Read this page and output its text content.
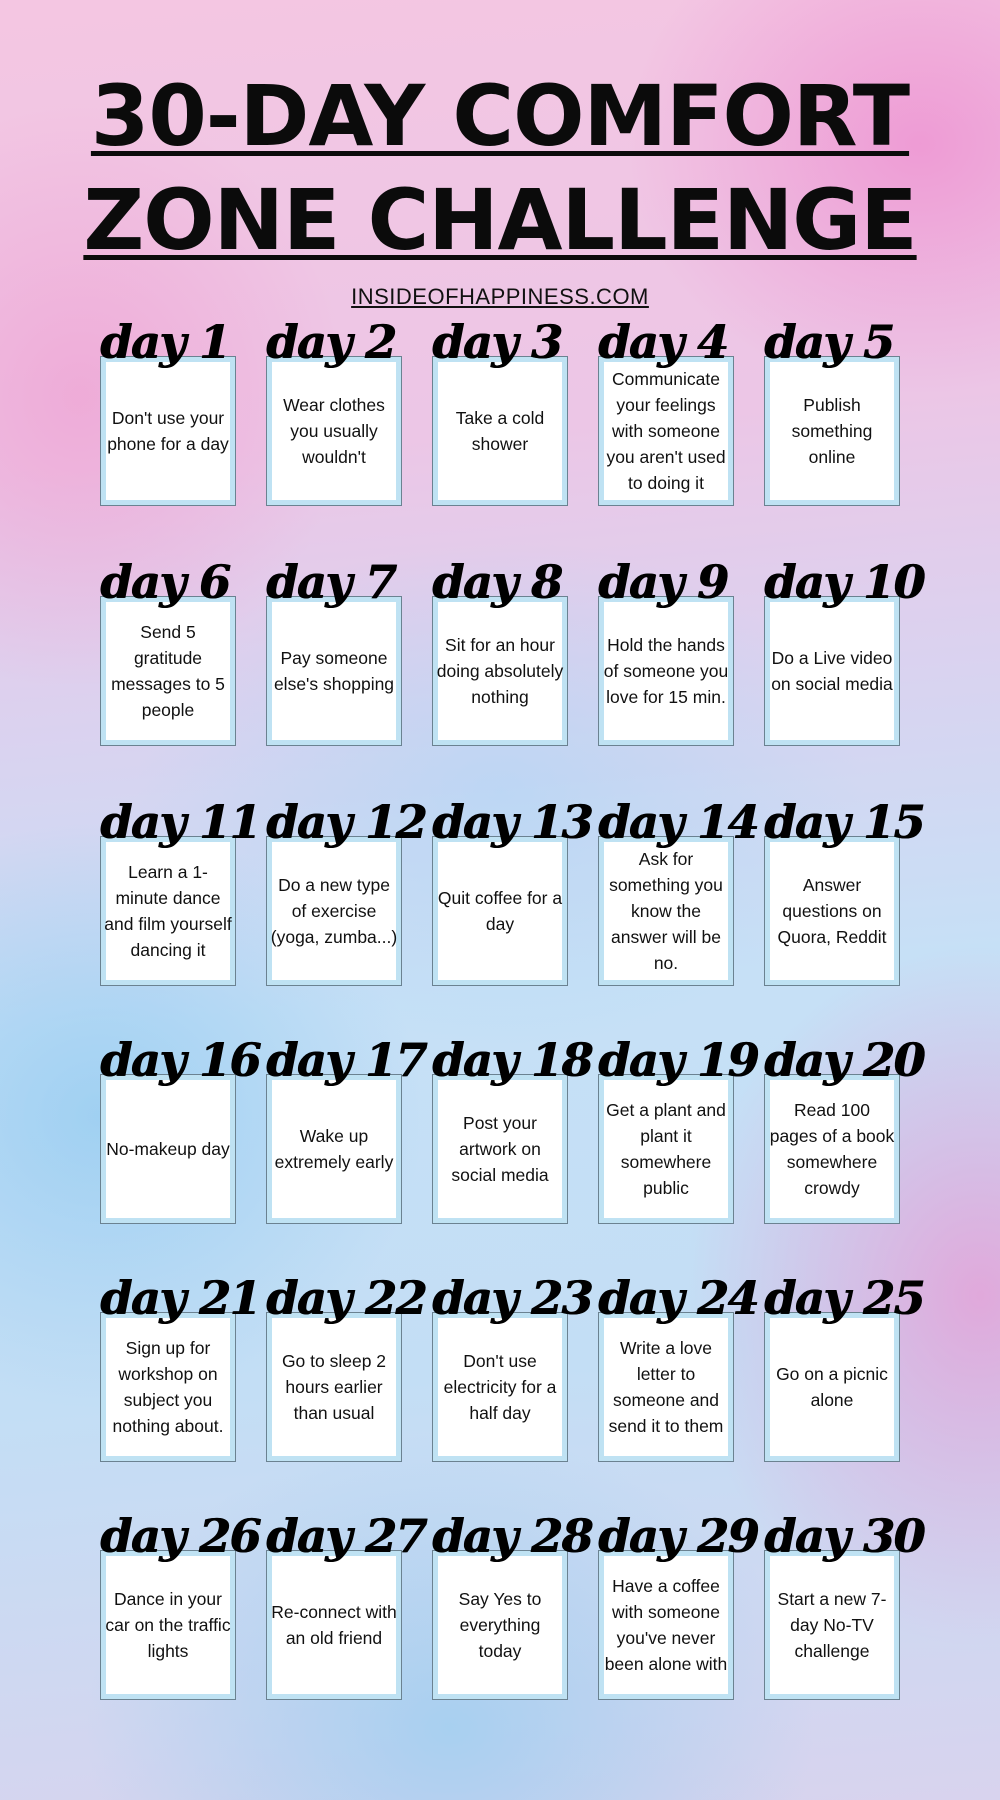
30-DAY COMFORT
ZONE CHALLENGE
INSIDEOFHAPPINESS.COM
Don't use your phone for a day
day 1
Wear clothes you usually wouldn't
day 2
Take a cold shower
day 3
Communicate your feelings with someone you aren't used to doing it
day 4
Publish something online
day 5
Send 5 gratitude messages to 5 people
day 6
Pay someone else's shopping
day 7
Sit for an hour doing absolutely nothing
day 8
Hold the hands of someone you love for 15 min.
day 9
Do a Live video on social media
day 10
Learn a 1-minute dance and film yourself dancing it
day 11
Do a new type of exercise (yoga, zumba...)
day 12
Quit coffee for a day
day 13
Ask for something you know the answer will be no.
day 14
Answer questions on Quora, Reddit
day 15
No-makeup day
day 16
Wake up extremely early
day 17
Post your artwork on social media
day 18
Get a plant and plant it somewhere public
day 19
Read 100 pages of a book somewhere crowdy
day 20
Sign up for workshop on subject you nothing about.
day 21
Go to sleep 2 hours earlier than usual
day 22
Don't use electricity for a half day
day 23
Write a love letter to someone and send it to them
day 24
Go on a picnic alone
day 25
Dance in your car on the traffic lights
day 26
Re-connect with an old friend
day 27
Say Yes to everything today
day 28
Have a coffee with someone you've never been alone with
day 29
Start a new 7-day No-TV challenge
day 30
